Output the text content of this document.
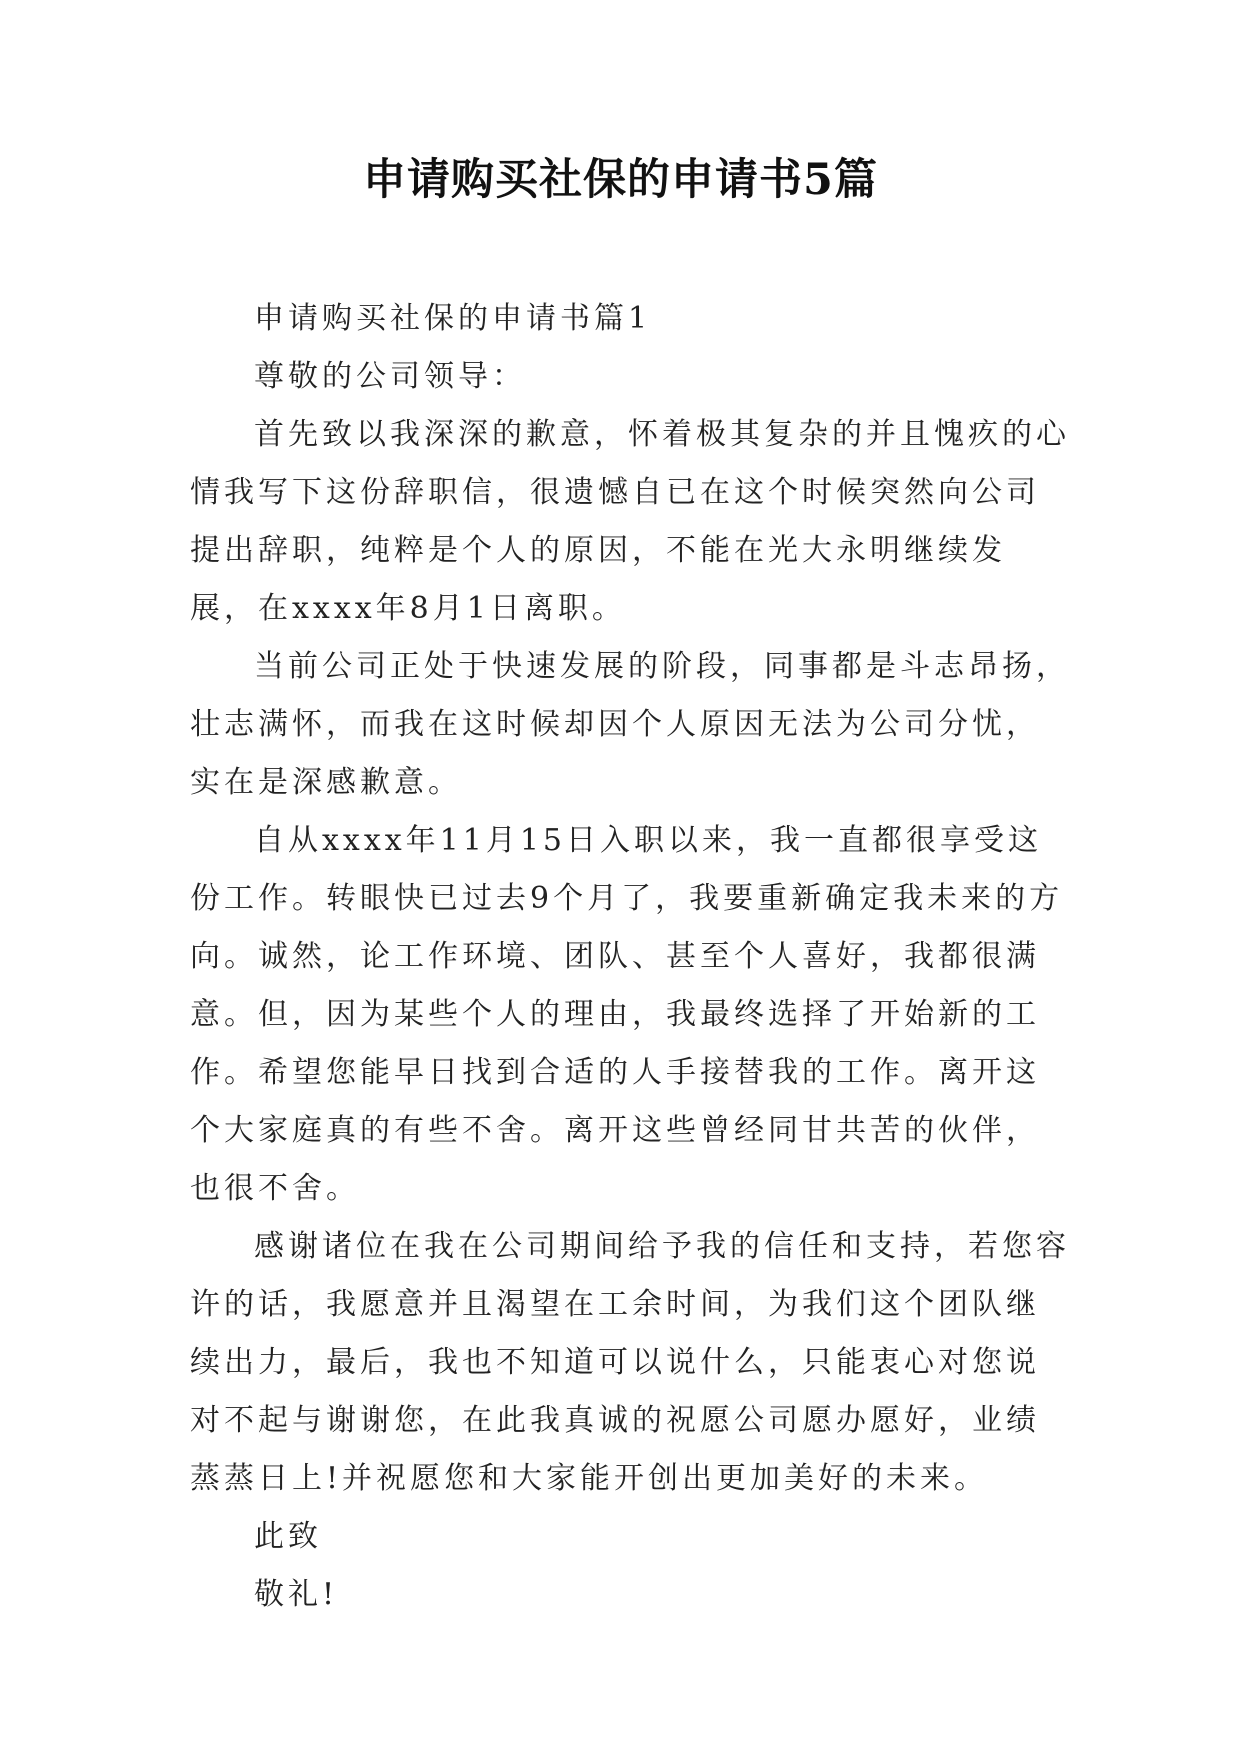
申请购买社保的申请书5篇

申请购买社保的申请书篇1

尊敬的公司领导：

首先致以我深深的歉意，怀着极其复杂的并且愧疚的心情我写下这份辞职信，很遗憾自已在这个时候突然向公司提出辞职，纯粹是个人的原因，不能在光大永明继续发展，在xxxx年8月1日离职。

当前公司正处于快速发展的阶段，同事都是斗志昂扬，壮志满怀，而我在这时候却因个人原因无法为公司分忧，实在是深感歉意。

自从xxxx年11月15日入职以来，我一直都很享受这份工作。转眼快已过去9个月了，我要重新确定我未来的方向。诚然，论工作环境、团队、甚至个人喜好，我都很满意。但，因为某些个人的理由，我最终选择了开始新的工作。希望您能早日找到合适的人手接替我的工作。离开这个大家庭真的有些不舍。离开这些曾经同甘共苦的伙伴，也很不舍。

感谢诸位在我在公司期间给予我的信任和支持，若您容许的话，我愿意并且渴望在工余时间，为我们这个团队继续出力，最后，我也不知道可以说什么，只能衷心对您说对不起与谢谢您，在此我真诚的祝愿公司愿办愿好，业绩蒸蒸日上!并祝愿您和大家能开创出更加美好的未来。

此致

敬礼!
